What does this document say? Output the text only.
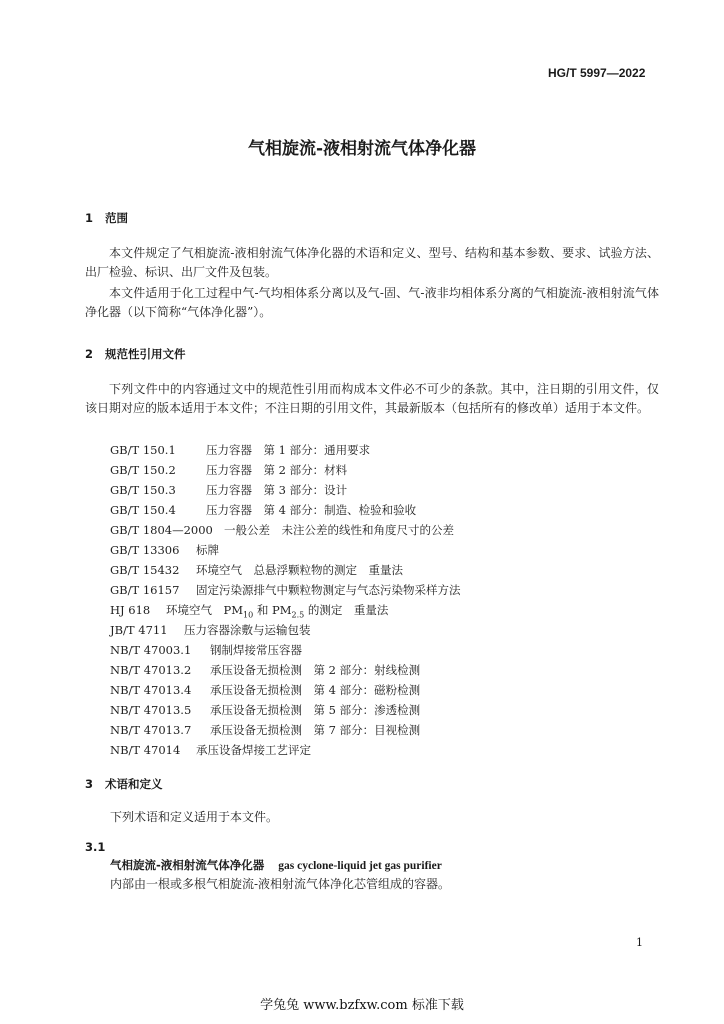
HG/T 5997—2022
气相旋流-液相射流气体净化器
1 范围
本文件规定了气相旋流-液相射流气体净化器的术语和定义、型号、结构和基本参数、要求、试验方法、出厂检验、标识、出厂文件及包装。
本文件适用于化工过程中气-气均相体系分离以及气-固、气-液非均相体系分离的气相旋流-液相射流气体净化器（以下简称“气体净化器”）。
2 规范性引用文件
下列文件中的内容通过文中的规范性引用而构成本文件必不可少的条款。其中，注日期的引用文件，仅该日期对应的版本适用于本文件；不注日期的引用文件，其最新版本（包括所有的修改单）适用于本文件。
GB/T 150.1	压力容器　第 1 部分：通用要求
GB/T 150.2	压力容器　第 2 部分：材料
GB/T 150.3	压力容器　第 3 部分：设计
GB/T 150.4	压力容器　第 4 部分：制造、检验和验收
GB/T 1804—2000 一般公差　未注公差的线性和角度尺寸的公差
GB/T 13306 标牌
GB/T 15432 环境空气　总悬浮颗粒物的测定　重量法
GB/T 16157 固定污染源排气中颗粒物测定与气态污染物采样方法
HJ 618 环境空气　$PM_{10}$ 和 $PM_{2.5}$ 的测定　重量法
JB/T 4711 压力容器涂敷与运输包装
NB/T 47003.1 钢制焊接常压容器
NB/T 47013.2 承压设备无损检测　第 2 部分：射线检测
NB/T 47013.4 承压设备无损检测　第 4 部分：磁粉检测
NB/T 47013.5 承压设备无损检测　第 5 部分：渗透检测
NB/T 47013.7 承压设备无损检测　第 7 部分：目视检测
NB/T 47014 承压设备焊接工艺评定
3 术语和定义
下列术语和定义适用于本文件。
3.1
气相旋流-液相射流气体净化器 gas cyclone-liquid jet gas purifier
内部由一根或多根气相旋流-液相射流气体净化芯管组成的容器。
1
学兔兔 www.bzfxw.com 标准下载
